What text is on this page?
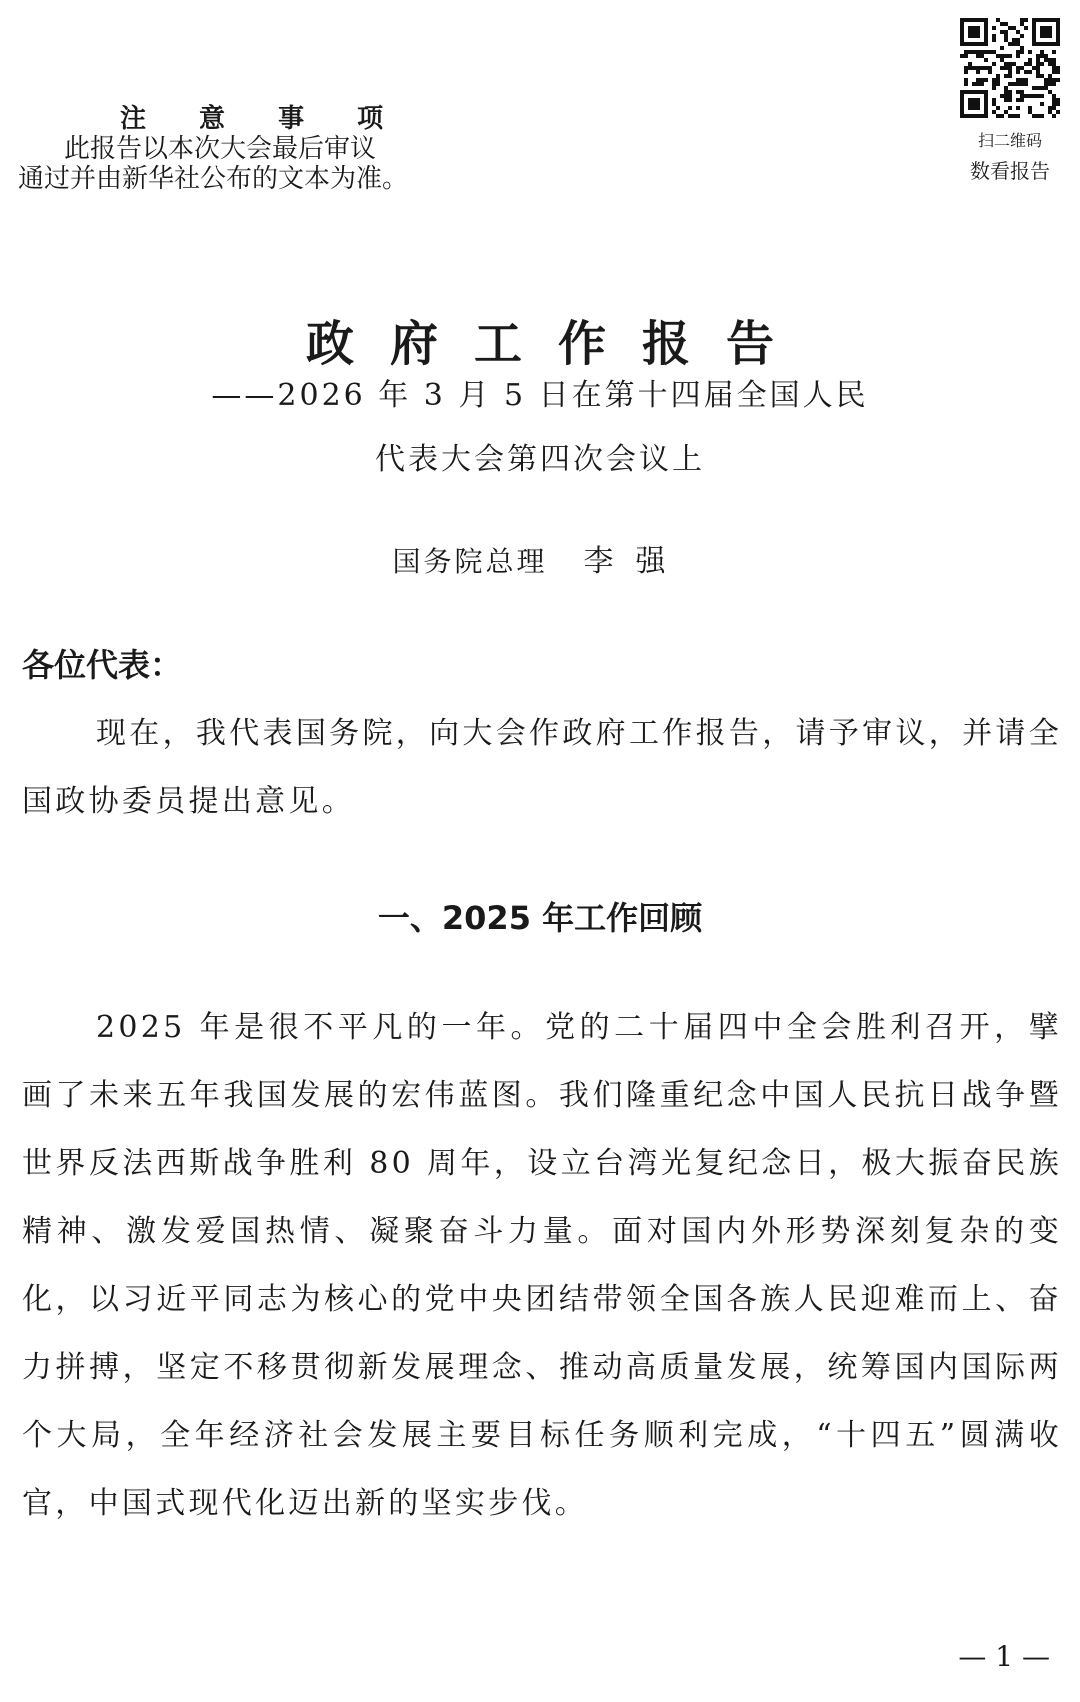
注 意 事 项
此报告以本次大会最后审议
通过并由新华社公布的文本为准。
扫二维码
数看报告
政府工作报告
——2026 年 3 月 5 日在第十四届全国人民
代表大会第四次会议上
国务院总理 李强
各位代表：
现在，我代表国务院，向大会作政府工作报告，请予审议，并请全国政协委员提出意见。
一、2025 年工作回顾
2025 年是很不平凡的一年。党的二十届四中全会胜利召开，擘画了未来五年我国发展的宏伟蓝图。我们隆重纪念中国人民抗日战争暨世界反法西斯战争胜利 80 周年，设立台湾光复纪念日，极大振奋民族精神、激发爱国热情、凝聚奋斗力量。面对国内外形势深刻复杂的变化，以习近平同志为核心的党中央团结带领全国各族人民迎难而上、奋力拼搏，坚定不移贯彻新发展理念、推动高质量发展，统筹国内国际两个大局，全年经济社会发展主要目标任务顺利完成，“十四五”圆满收官，中国式现代化迈出新的坚实步伐。
— 1 —
